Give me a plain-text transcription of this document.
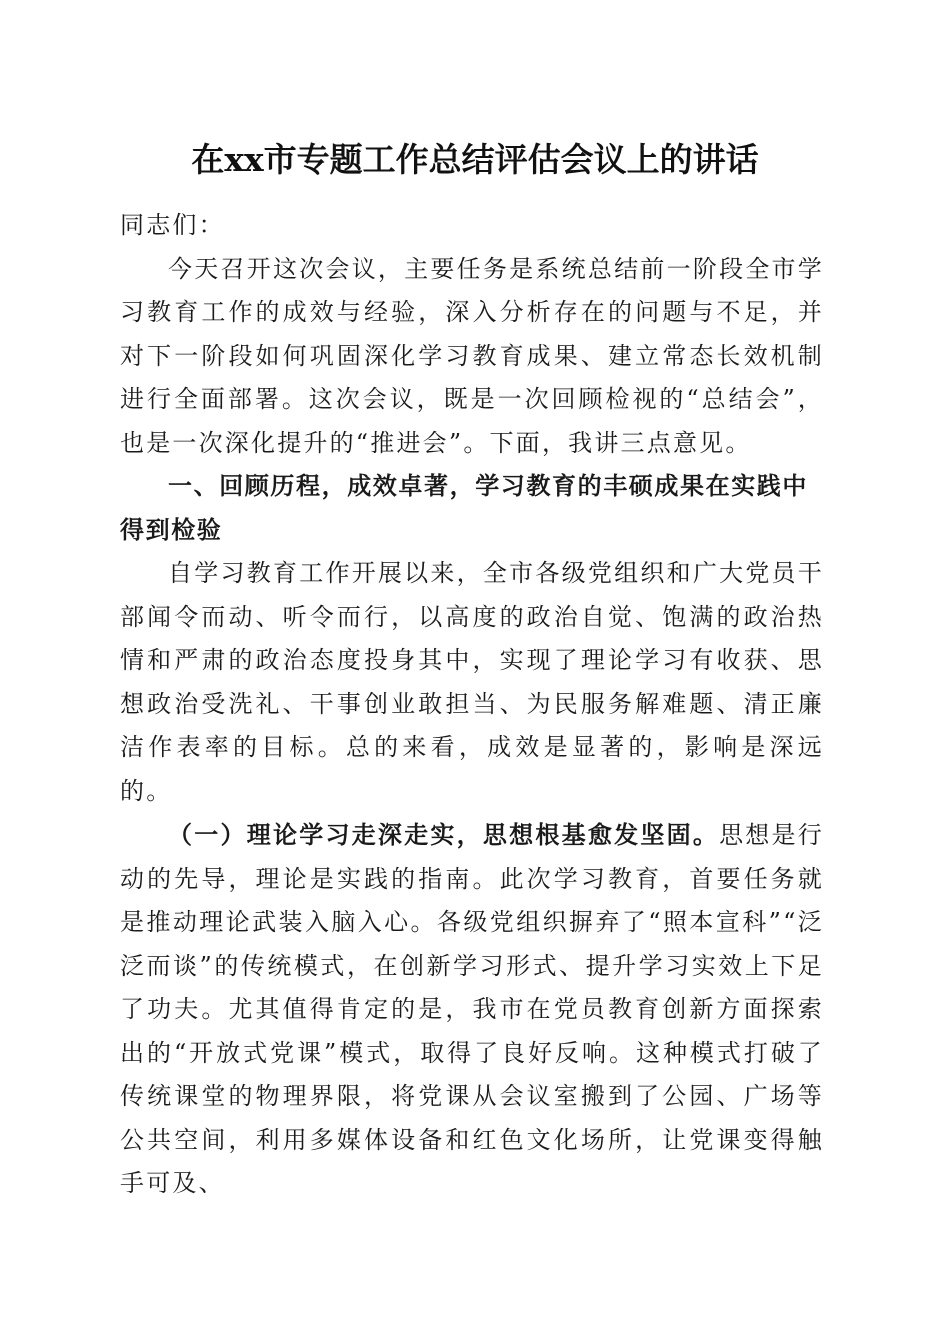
在xx市专题工作总结评估会议上的讲话

同志们：

今天召开这次会议，主要任务是系统总结前一阶段全市学习教育工作的成效与经验，深入分析存在的问题与不足，并对下一阶段如何巩固深化学习教育成果、建立常态长效机制进行全面部署。这次会议，既是一次回顾检视的“总结会”，也是一次深化提升的“推进会”。下面，我讲三点意见。

一、回顾历程，成效卓著，学习教育的丰硕成果在实践中得到检验

自学习教育工作开展以来，全市各级党组织和广大党员干部闻令而动、听令而行，以高度的政治自觉、饱满的政治热情和严肃的政治态度投身其中，实现了理论学习有收获、思想政治受洗礼、干事创业敢担当、为民服务解难题、清正廉洁作表率的目标。总的来看，成效是显著的，影响是深远的。

（一）理论学习走深走实，思想根基愈发坚固。思想是行动的先导，理论是实践的指南。此次学习教育，首要任务就是推动理论武装入脑入心。各级党组织摒弃了“照本宣科”“泛泛而谈”的传统模式，在创新学习形式、提升学习实效上下足了功夫。尤其值得肯定的是，我市在党员教育创新方面探索出的“开放式党课”模式，取得了良好反响。这种模式打破了传统课堂的物理界限，将党课从会议室搬到了公园、广场等公共空间，利用多媒体设备和红色文化场所，让党课变得触手可及、
